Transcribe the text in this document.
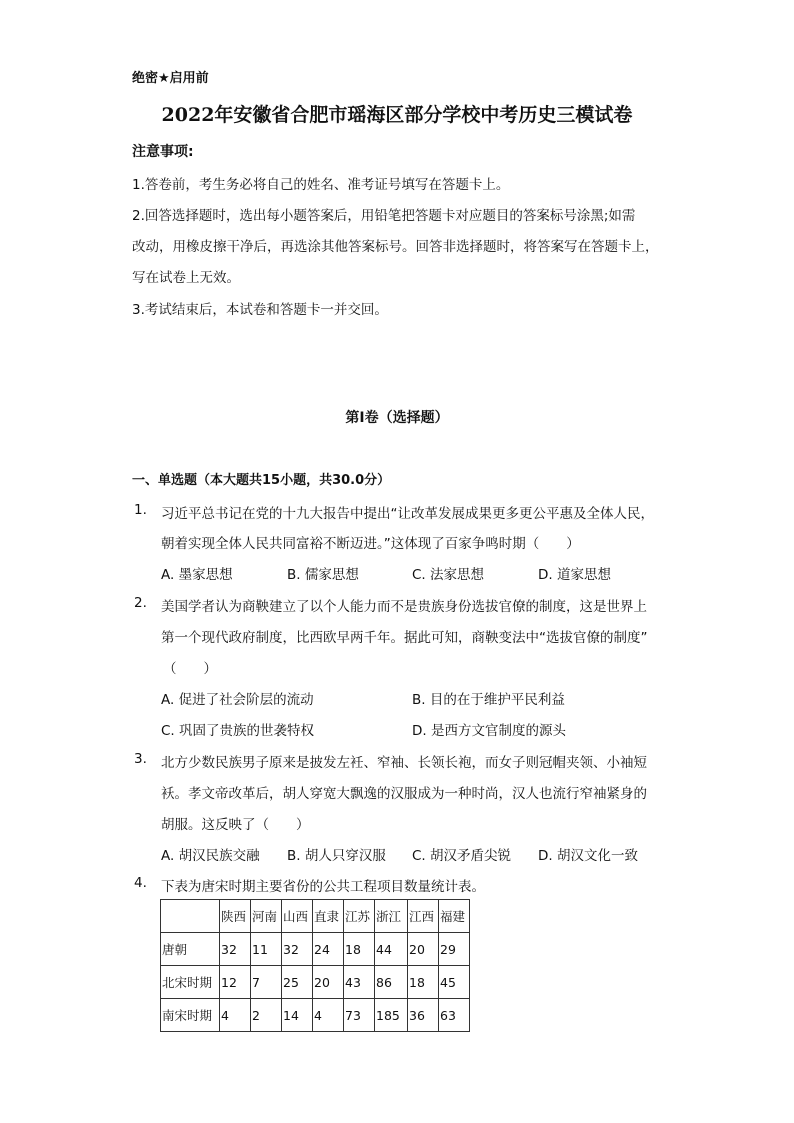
绝密★启用前
2022年安徽省合肥市瑶海区部分学校中考历史三模试卷
注意事项:
1.答卷前，考生务必将自己的姓名、准考证号填写在答题卡上。
2.回答选择题时，选出每小题答案后，用铅笔把答题卡对应题目的答案标号涂黑;如需
改动，用橡皮擦干净后，再选涂其他答案标号。回答非选择题时，将答案写在答题卡上，
写在试卷上无效。
3.考试结束后，本试卷和答题卡一并交回。
第I卷（选择题）
一、单选题（本大题共15小题，共30.0分）
1. 习近平总书记在党的十九大报告中提出“让改革发展成果更多更公平惠及全体人民，
朝着实现全体人民共同富裕不断迈进。”这体现了百家争鸣时期（　　）
A. 墨家思想	B. 儒家思想	C. 法家思想	D. 道家思想
2. 美国学者认为商鞅建立了以个人能力而不是贵族身份选拔官僚的制度，这是世界上
第一个现代政府制度，比西欧早两千年。据此可知，商鞅变法中“选拔官僚的制度”
（　　）
A. 促进了社会阶层的流动	B. 目的在于维护平民利益
C. 巩固了贵族的世袭特权	D. 是西方文官制度的源头
3. 北方少数民族男子原来是披发左衽、窄袖、长领长袍，而女子则冠帽夹领、小袖短
袄。孝文帝改革后，胡人穿宽大飘逸的汉服成为一种时尚，汉人也流行窄袖紧身的
胡服。这反映了（　　）
A. 胡汉民族交融 B. 胡人只穿汉服 C. 胡汉矛盾尖锐 D. 胡汉文化一致
4. 下表为唐宋时期主要省份的公共工程项目数量统计表。
	陕西	河南	山西	直隶	江苏	浙江	江西	福建
唐朝	32	11	32	24	18	44	20	29
北宋时期	12	7	25	20	43	86	18	45
南宋时期	4	2	14	4	73	185	36	63
